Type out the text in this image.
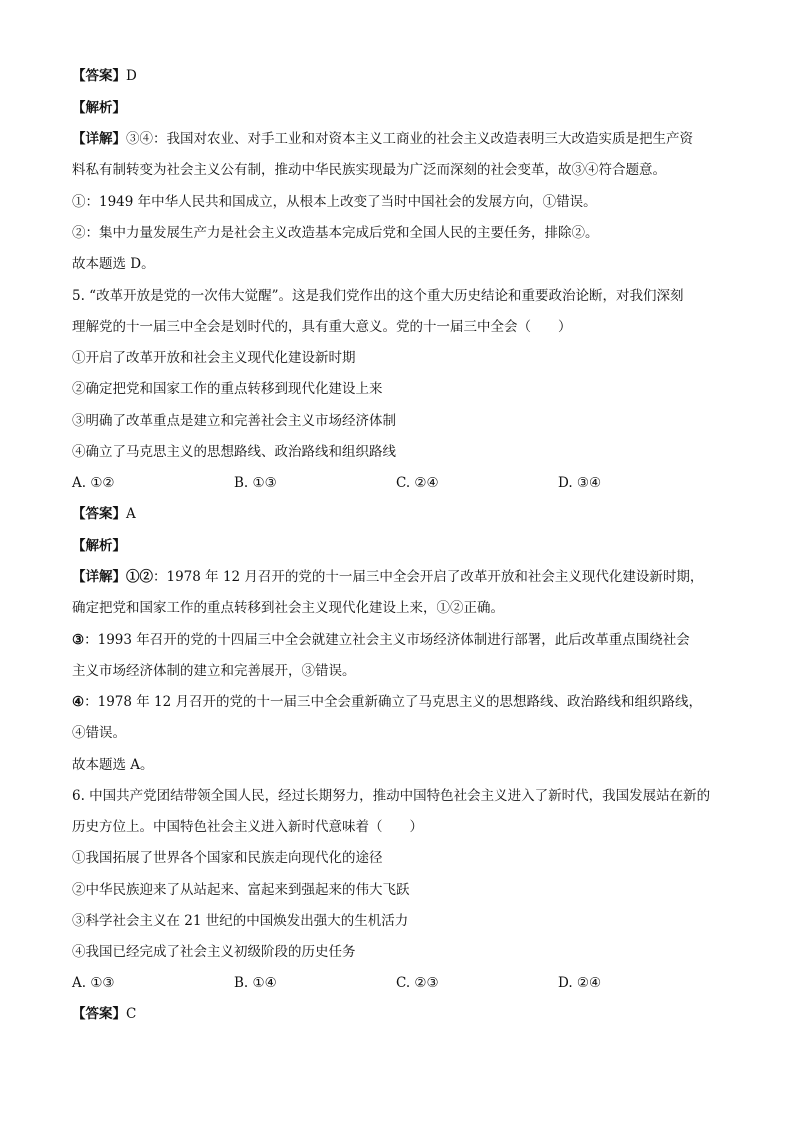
【答案】D
【解析】
【详解】③④：我国对农业、对手工业和对资本主义工商业的社会主义改造表明三大改造实质是把生产资
料私有制转变为社会主义公有制，推动中华民族实现最为广泛而深刻的社会变革，故③④符合题意。
①：1949 年中华人民共和国成立，从根本上改变了当时中国社会的发展方向，①错误。
②：集中力量发展生产力是社会主义改造基本完成后党和全国人民的主要任务，排除②。
故本题选 D。
5. “改革开放是党的一次伟大觉醒”。这是我们党作出的这个重大历史结论和重要政治论断，对我们深刻
理解党的十一届三中全会是划时代的，具有重大意义。党的十一届三中全会（　　）
①开启了改革开放和社会主义现代化建设新时期
②确定把党和国家工作的重点转移到现代化建设上来
③明确了改革重点是建立和完善社会主义市场经济体制
④确立了马克思主义的思想路线、政治路线和组织路线
A. ①②	B. ①③	C. ②④	D. ③④
【答案】A
【解析】
【详解】①②：1978 年 12 月召开的党的十一届三中全会开启了改革开放和社会主义现代化建设新时期，
确定把党和国家工作的重点转移到社会主义现代化建设上来，①②正确。
③：1993 年召开的党的十四届三中全会就建立社会主义市场经济体制进行部署，此后改革重点围绕社会
主义市场经济体制的建立和完善展开，③错误。
④：1978 年 12 月召开的党的十一届三中全会重新确立了马克思主义的思想路线、政治路线和组织路线，
④错误。
故本题选 A。
6. 中国共产党团结带领全国人民，经过长期努力，推动中国特色社会主义进入了新时代，我国发展站在新的
历史方位上。中国特色社会主义进入新时代意味着（　　）
①我国拓展了世界各个国家和民族走向现代化的途径
②中华民族迎来了从站起来、富起来到强起来的伟大飞跃
③科学社会主义在 21 世纪的中国焕发出强大的生机活力
④我国已经完成了社会主义初级阶段的历史任务
A. ①③	B. ①④	C. ②③	D. ②④
【答案】C
